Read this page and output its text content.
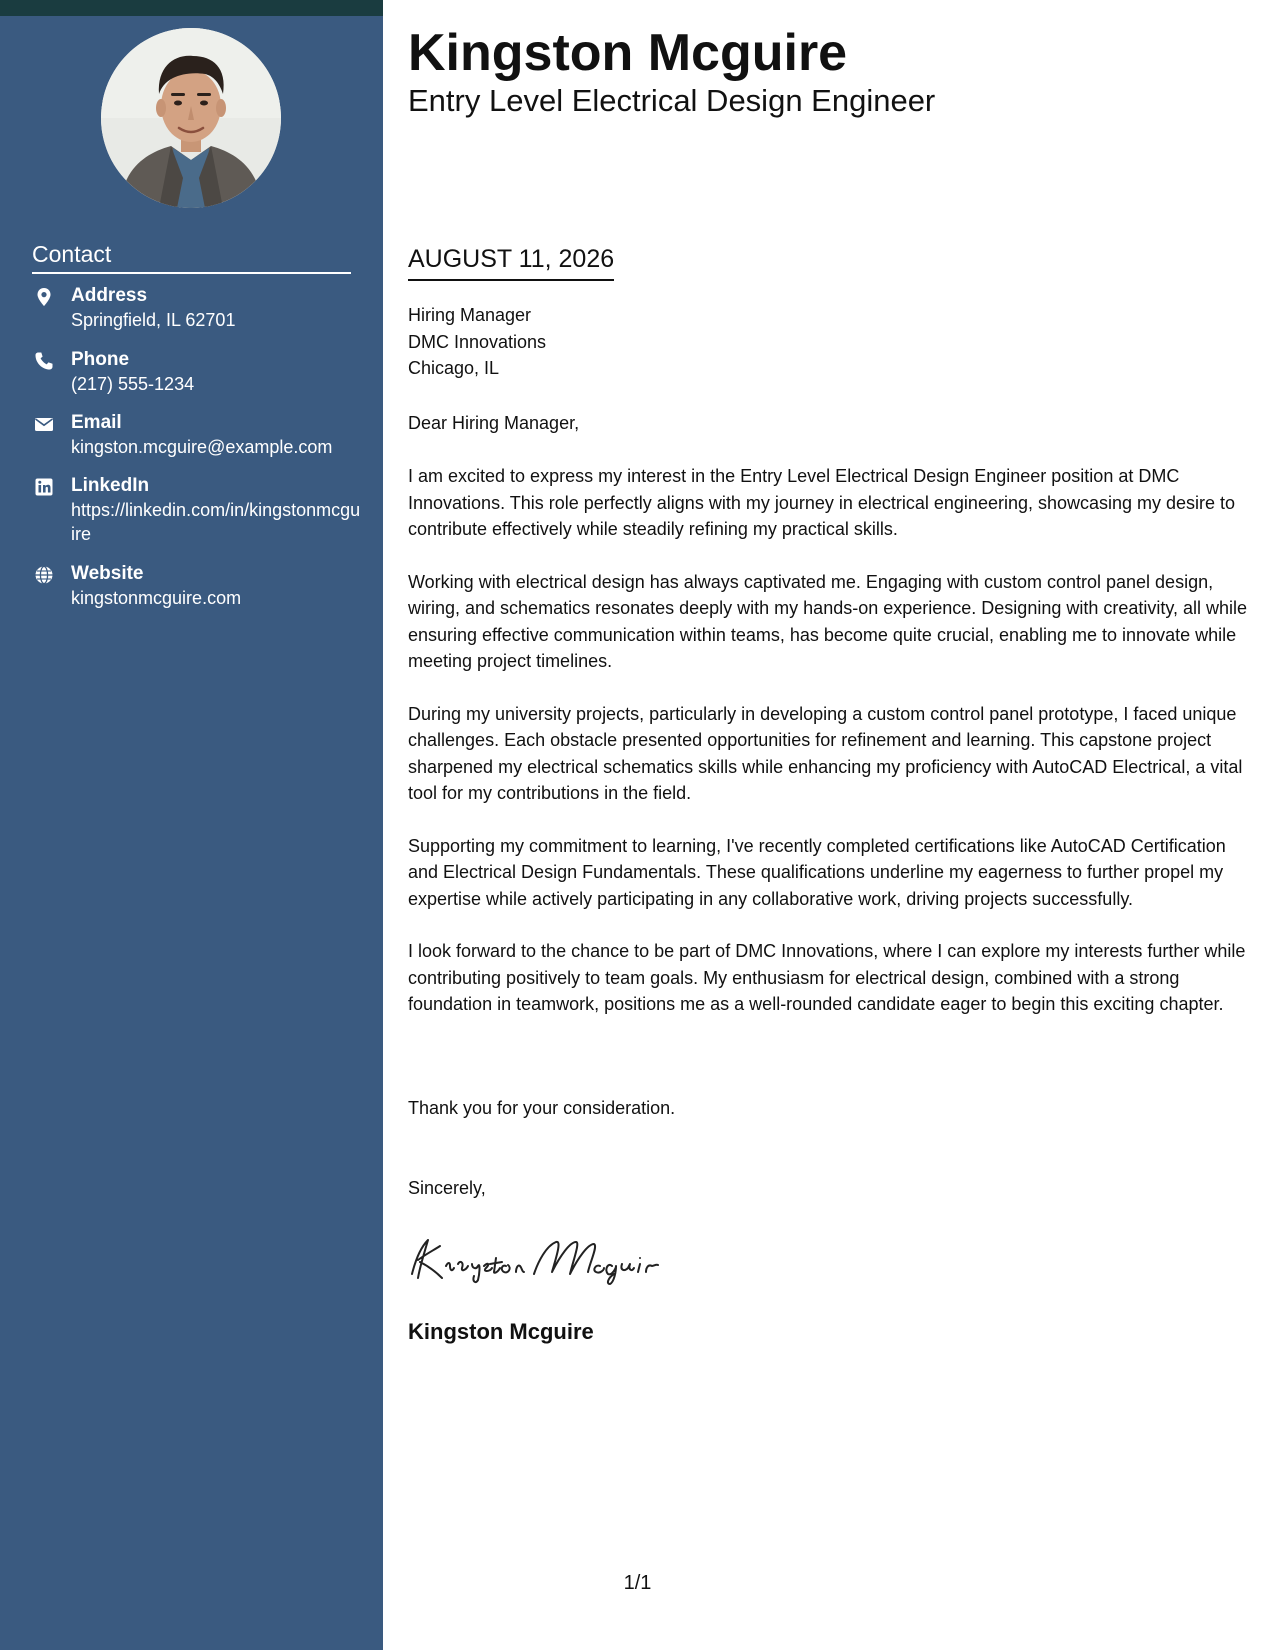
Contact
Address
Springfield, IL 62701
Phone
(217) 555-1234
Email
kingston.mcguire@example.com
LinkedIn
https://linkedin.com/in/kingstonmcguire
Website
kingstonmcguire.com
Kingston Mcguire
Entry Level Electrical Design Engineer
AUGUST 11, 2026
Hiring Manager
DMC Innovations
Chicago, IL
Dear Hiring Manager,

I am excited to express my interest in the Entry Level Electrical Design Engineer position at DMC Innovations. This role perfectly aligns with my journey in electrical engineering, showcasing my desire to contribute effectively while steadily refining my practical skills.

Working with electrical design has always captivated me. Engaging with custom control panel design, wiring, and schematics resonates deeply with my hands-on experience. Designing with creativity, all while ensuring effective communication within teams, has become quite crucial, enabling me to innovate while meeting project timelines.

During my university projects, particularly in developing a custom control panel prototype, I faced unique challenges. Each obstacle presented opportunities for refinement and learning. This capstone project sharpened my electrical schematics skills while enhancing my proficiency with AutoCAD Electrical, a vital tool for my contributions in the field.

Supporting my commitment to learning, I've recently completed certifications like AutoCAD Certification and Electrical Design Fundamentals. These qualifications underline my eagerness to further propel my expertise while actively participating in any collaborative work, driving projects successfully.

I look forward to the chance to be part of DMC Innovations, where I can explore my interests further while contributing positively to team goals. My enthusiasm for electrical design, combined with a strong foundation in teamwork, positions me as a well-rounded candidate eager to begin this exciting chapter.

Thank you for your consideration.
Sincerely,
Kingston Mcguire
1/1
